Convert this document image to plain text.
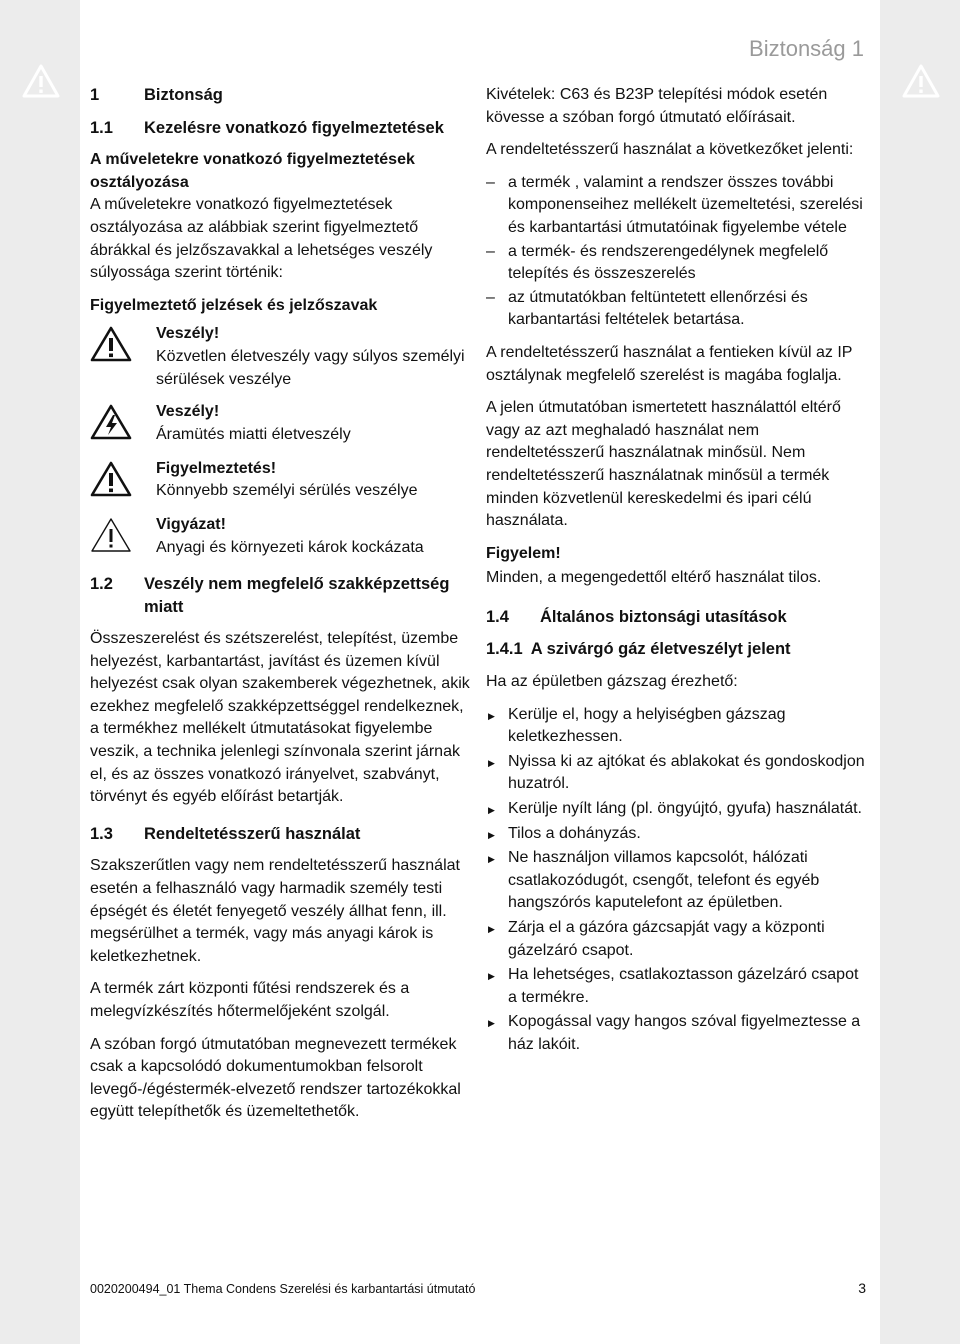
Biztonság 1
1	Biztonság
1.1	Kezelésre vonatkozó figyelmeztetések

A műveletekre vonatkozó figyelmeztetések osztályozása

A műveletekre vonatkozó figyelmeztetések osztályozása az alábbiak szerint figyelmeztető ábrákkal és jelzőszavakkal a lehetséges veszély súlyossága szerint történik:

Figyelmeztető jelzések és jelzőszavak

Veszély!
Közvetlen életveszély vagy súlyos személyi sérülések veszélye
Veszély!
Áramütés miatti életveszély
Figyelmeztetés!
Könnyebb személyi sérülés veszélye
Vigyázat!
Anyagi és környezeti károk kockázata
1.2	Veszély nem megfelelő szakképzettség miatt

Összeszerelést és szétszerelést, telepítést, üzembe helyezést, karbantartást, javítást és üzemen kívül helyezést csak olyan szakemberek végezhetnek, akik ezekhez megfelelő szakképzettséggel rendelkeznek, a termékhez mellékelt útmutatásokat figyelembe veszik, a technika jelenlegi színvonala szerint járnak el, és az összes vonatkozó irányelvet, szabványt, törvényt és egyéb előírást betartják.

1.3	Rendeltetésszerű használat

Szakszerűtlen vagy nem rendeltetésszerű használat esetén a felhasználó vagy harmadik személy testi épségét és életét fenyegető veszély állhat fenn, ill. megsérülhet a termék, vagy más anyagi károk is keletkezhetnek.

A termék zárt központi fűtési rendszerek és a melegvízkészítés hőtermelőjeként szolgál.

A szóban forgó útmutatóban megnevezett termékek csak a kapcsolódó dokumentumokban felsorolt levegő-/égéstermék-elvezető rendszer tartozékokkal együtt telepíthetők és üzemeltethetők.

Kivételek: C63 és B23P telepítési módok esetén kövesse a szóban forgó útmutató előírásait.

A rendeltetésszerű használat a következőket jelenti:

– a termék , valamint a rendszer összes további komponenseihez mellékelt üzemeltetési, szerelési és karbantartási útmutatóinak figyelembe vétele
– a termék- és rendszerengedélynek megfelelő telepítés és összeszerelés
– az útmutatókban feltüntetett ellenőrzési és karbantartási feltételek betartása.

A rendeltetésszerű használat a fentieken kívül az IP osztálynak megfelelő szerelést is magába foglalja.

A jelen útmutatóban ismertetett használattól eltérő vagy az azt meghaladó használat nem rendeltetésszerű használatnak minősül. Nem rendeltetésszerű használatnak minősül a termék minden közvetlenül kereskedelmi és ipari célú használata.

Figyelem!

Minden, a megengedettől eltérő használat tilos.

1.4	Általános biztonsági utasítások
1.4.1 A szivárgó gáz életveszélyt jelent

Ha az épületben gázszag érezhető:

▶ Kerülje el, hogy a helyiségben gázszag keletkezhessen.
▶ Nyissa ki az ajtókat és ablakokat és gondoskodjon huzatról.
▶ Kerülje nyílt láng (pl. öngyújtó, gyufa) használatát.
▶ Tilos a dohányzás.
▶ Ne használjon villamos kapcsolót, hálózati csatlakozódugót, csengőt, telefont és egyéb hangszórós kaputelefont az épületben.
▶ Zárja el a gázóra gázcsapját vagy a központi gázelzáró csapot.
▶ Ha lehetséges, csatlakoztasson gázelzáró csapot a termékre.
▶ Kopogással vagy hangos szóval figyelmeztesse a ház lakóit.
0020200494_01 Thema Condens Szerelési és karbantartási útmutató	3
